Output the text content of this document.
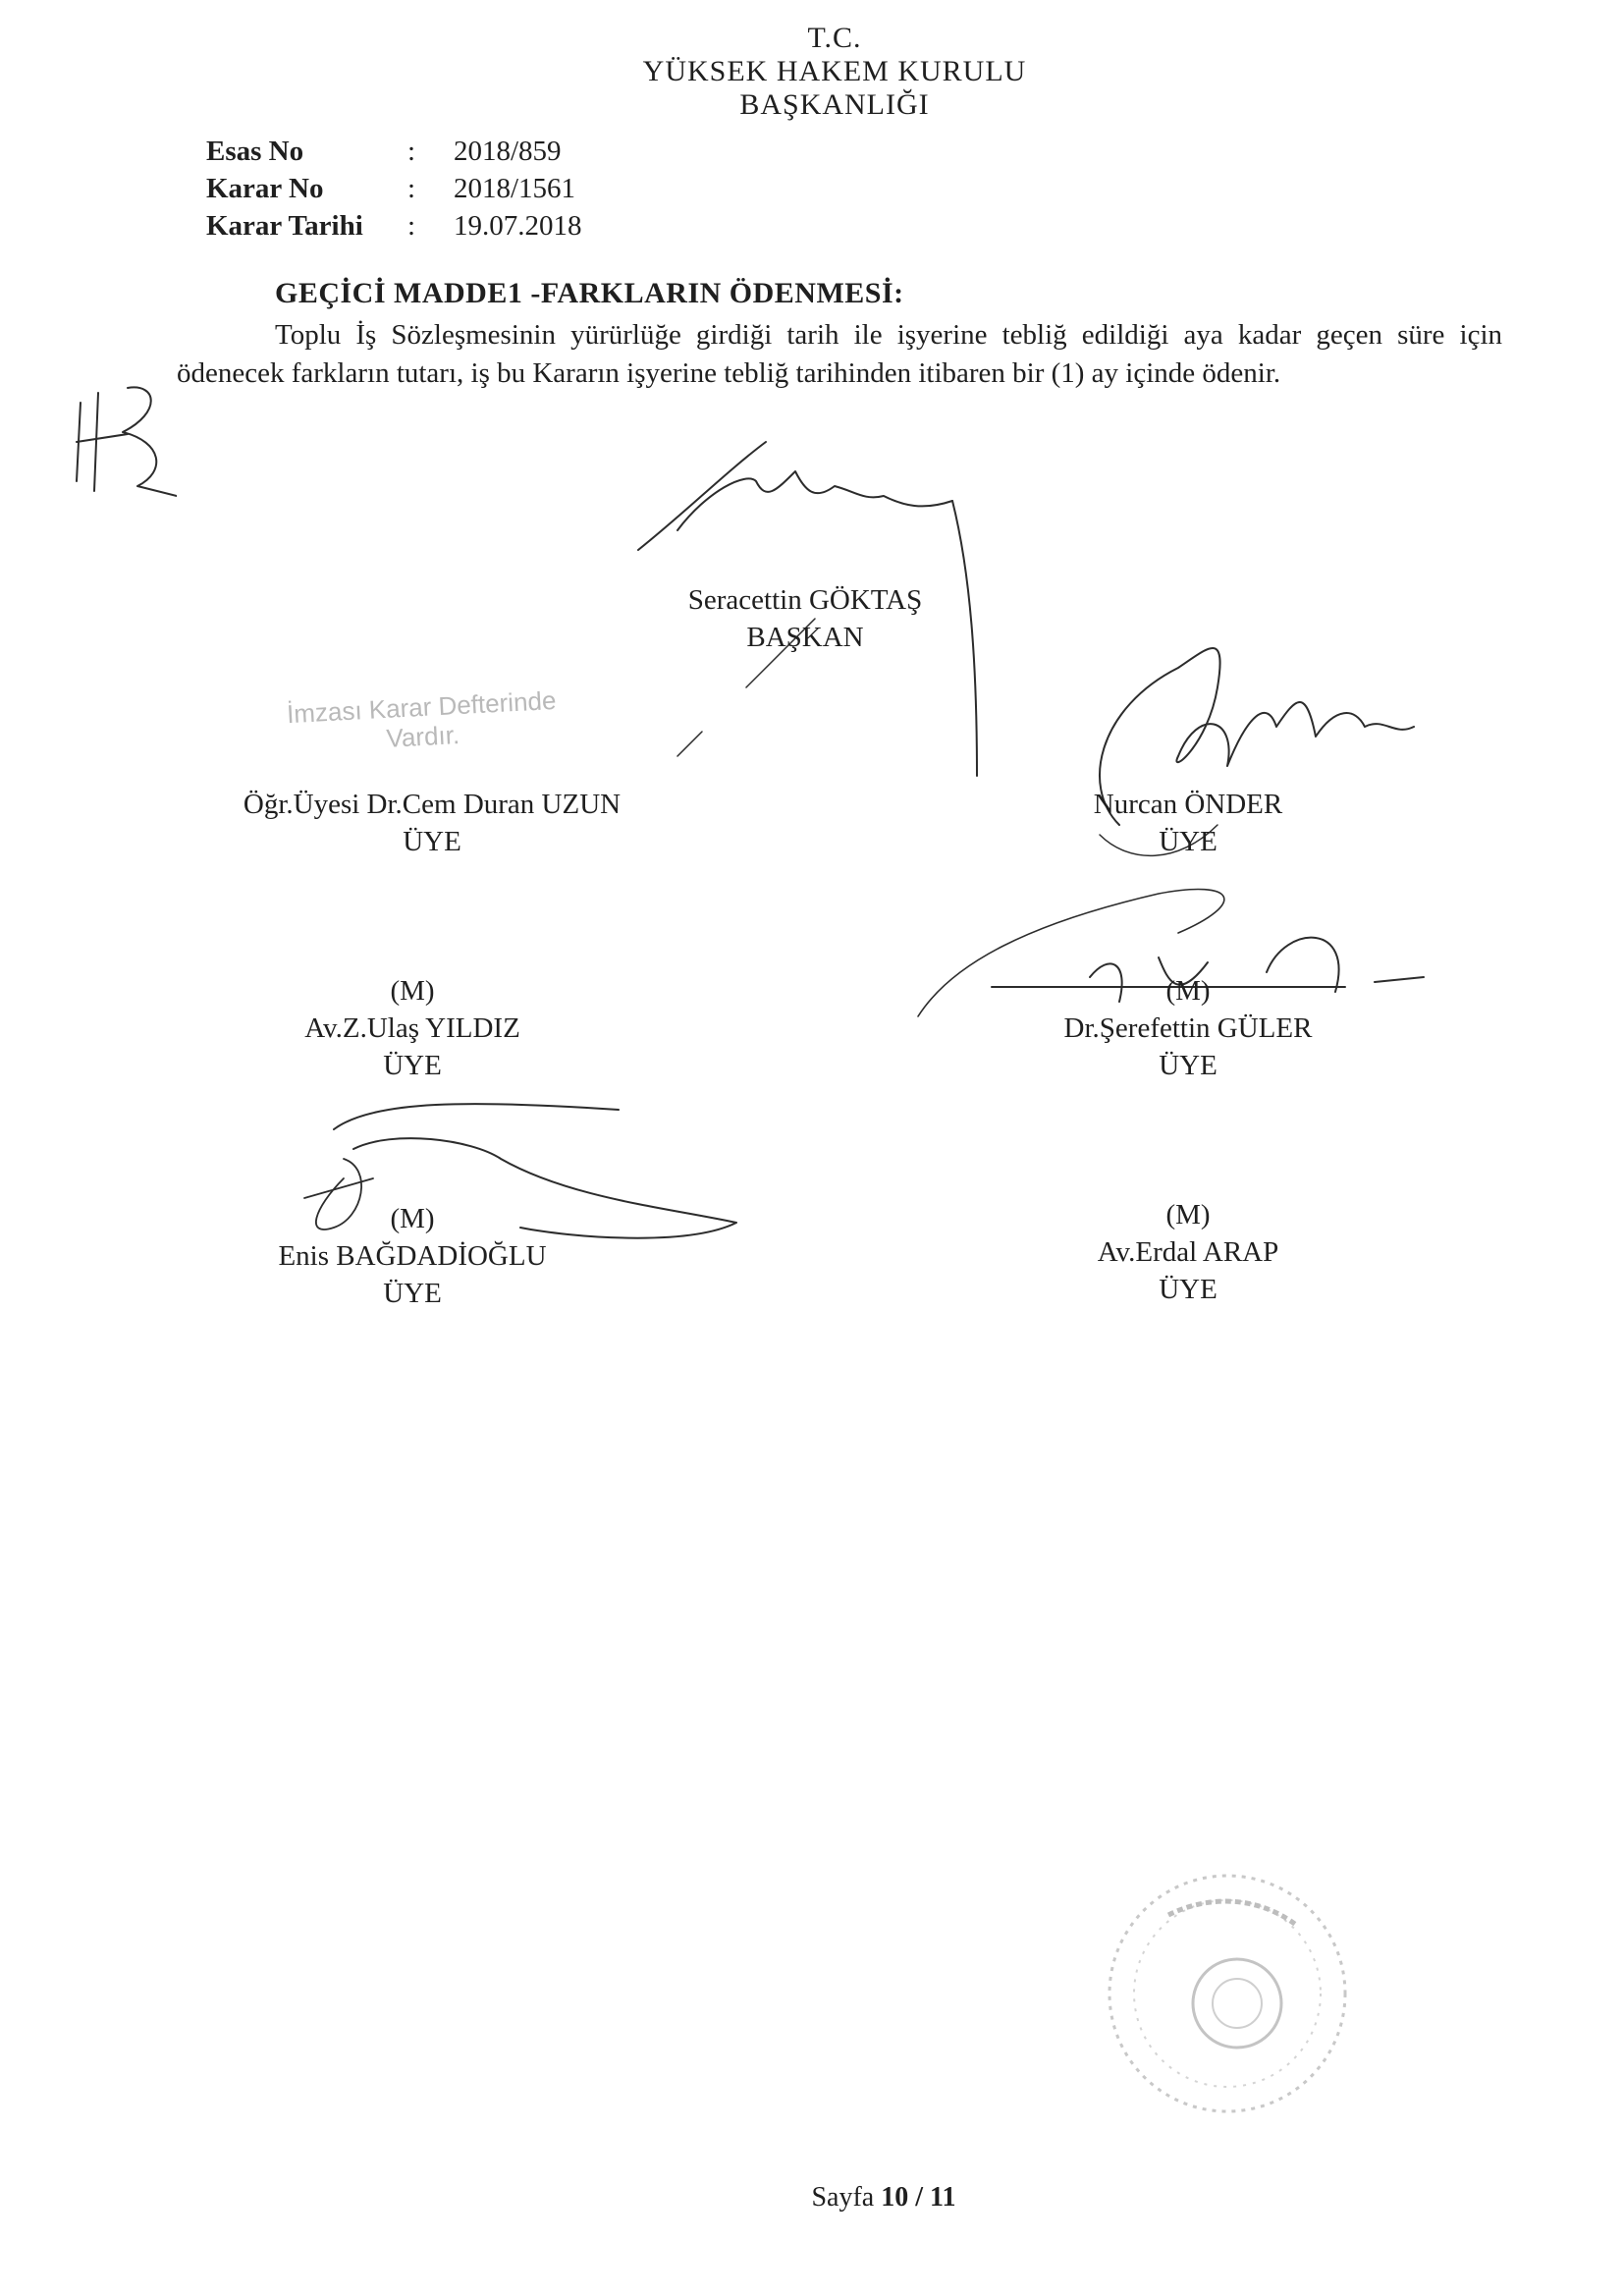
T.C.
YÜKSEK HAKEM KURULU
BAŞKANLIĞI
Esas No	: 2018/859
Karar No	: 2018/1561
Karar Tarihi : 19.07.2018
GEÇİCİ MADDE1 -FARKLARIN ÖDENMESİ:
Toplu İş Sözleşmesinin yürürlüğe girdiği tarih ile işyerine tebliğ edildiği aya kadar geçen süre için ödenecek farkların tutarı, iş bu Kararın işyerine tebliğ tarihinden itibaren bir (1) ay içinde ödenir.
Seracettin GÖKTAŞ
BAŞKAN
İmzası Karar Defterinde
Vardır.
Öğr.Üyesi Dr.Cem Duran UZUN
ÜYE
Nurcan ÖNDER
ÜYE
(M)
Av.Z.Ulaş YILDIZ
ÜYE
(M)
Dr.Şerefettin GÜLER
ÜYE
(M)
Enis BAĞDADİOĞLU
ÜYE
(M)
Av.Erdal ARAP
ÜYE
Sayfa 10 / 11
